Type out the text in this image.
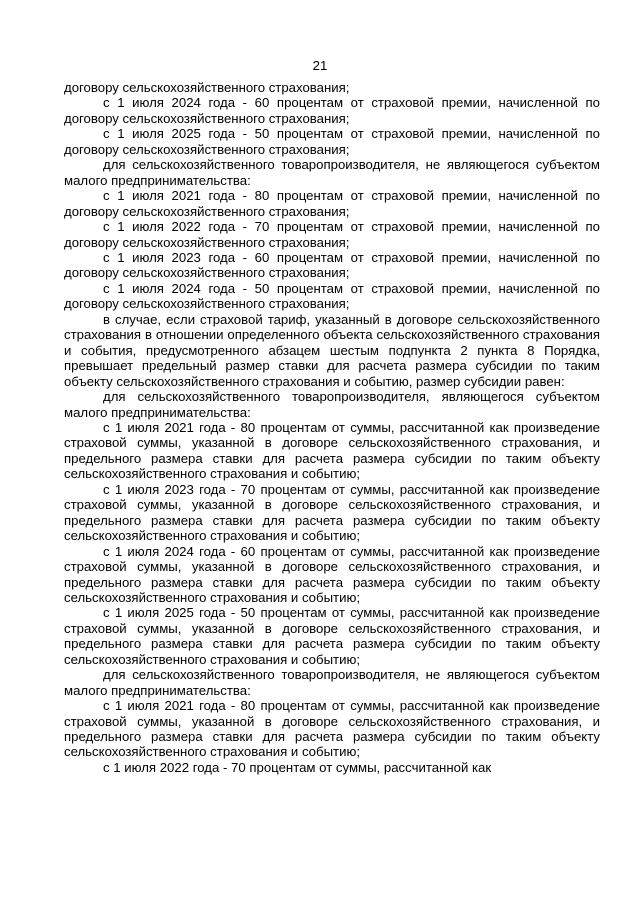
21

договору сельскохозяйственного страхования;

с 1 июля 2024 года - 60 процентам от страховой премии, начисленной по договору сельскохозяйственного страхования;

с 1 июля 2025 года - 50 процентам от страховой премии, начисленной по договору сельскохозяйственного страхования;

для сельскохозяйственного товаропроизводителя, не являющегося субъектом малого предпринимательства:

с 1 июля 2021 года - 80 процентам от страховой премии, начисленной по договору сельскохозяйственного страхования;

с 1 июля 2022 года - 70 процентам от страховой премии, начисленной по договору сельскохозяйственного страхования;

с 1 июля 2023 года - 60 процентам от страховой премии, начисленной по договору сельскохозяйственного страхования;

с 1 июля 2024 года - 50 процентам от страховой премии, начисленной по договору сельскохозяйственного страхования;

в случае, если страховой тариф, указанный в договоре сельскохозяйственного страхования в отношении определенного объекта сельскохозяйственного страхования и события, предусмотренного абзацем шестым подпункта 2 пункта 8 Порядка, превышает предельный размер ставки для расчета размера субсидии по таким объекту сельскохозяйственного страхования и событию, размер субсидии равен:

для сельскохозяйственного товаропроизводителя, являющегося субъектом малого предпринимательства:

с 1 июля 2021 года - 80 процентам от суммы, рассчитанной как произведение страховой суммы, указанной в договоре сельскохозяйственного страхования, и предельного размера ставки для расчета размера субсидии по таким объекту сельскохозяйственного страхования и событию;

с 1 июля 2023 года - 70 процентам от суммы, рассчитанной как произведение страховой суммы, указанной в договоре сельскохозяйственного страхования, и предельного размера ставки для расчета размера субсидии по таким объекту сельскохозяйственного страхования и событию;

с 1 июля 2024 года - 60 процентам от суммы, рассчитанной как произведение страховой суммы, указанной в договоре сельскохозяйственного страхования, и предельного размера ставки для расчета размера субсидии по таким объекту сельскохозяйственного страхования и событию;

с 1 июля 2025 года - 50 процентам от суммы, рассчитанной как произведение страховой суммы, указанной в договоре сельскохозяйственного страхования, и предельного размера ставки для расчета размера субсидии по таким объекту сельскохозяйственного страхования и событию;

для сельскохозяйственного товаропроизводителя, не являющегося субъектом малого предпринимательства:

с 1 июля 2021 года - 80 процентам от суммы, рассчитанной как произведение страховой суммы, указанной в договоре сельскохозяйственного страхования, и предельного размера ставки для расчета размера субсидии по таким объекту сельскохозяйственного страхования и событию;

с 1 июля 2022 года - 70 процентам от суммы, рассчитанной как
